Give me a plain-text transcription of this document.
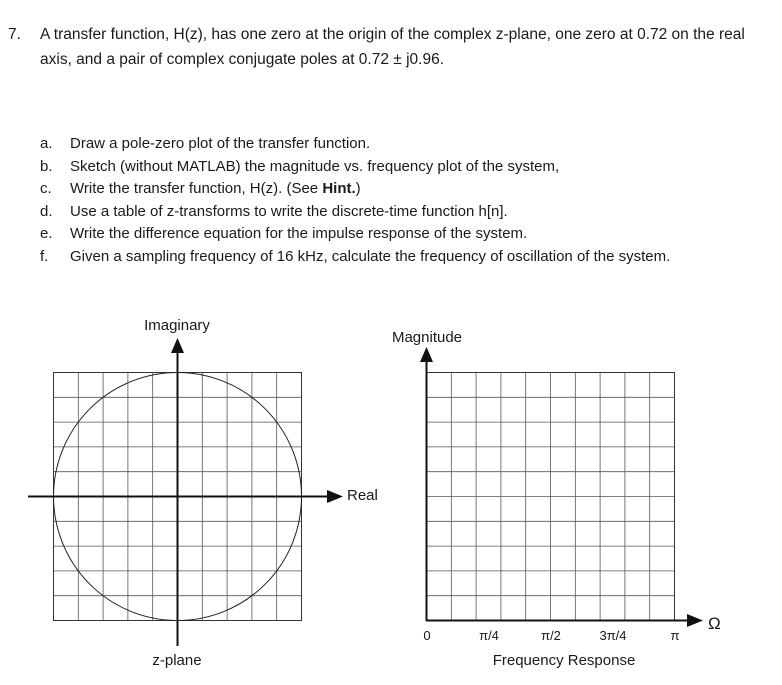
7. A transfer function, H(z), has one zero at the origin of the complex z-plane, one zero at 0.72 on the real axis, and a pair of complex conjugate poles at 0.72 ± j0.96.
a.	Draw a pole-zero plot of the transfer function.
b.	Sketch (without MATLAB) the magnitude vs. frequency plot of the system,
c.	Write the transfer function, H(z). (See Hint.)
d.	Use a table of z-transforms to write the discrete-time function h[n].
e.	Write the difference equation for the impulse response of the system.
f.	Given a sampling frequency of 16 kHz, calculate the frequency of oscillation of the system.
Imaginary
Real
z-plane
Magnitude
Ω
0	π/4	π/2	3π/4	π
Frequency Response
